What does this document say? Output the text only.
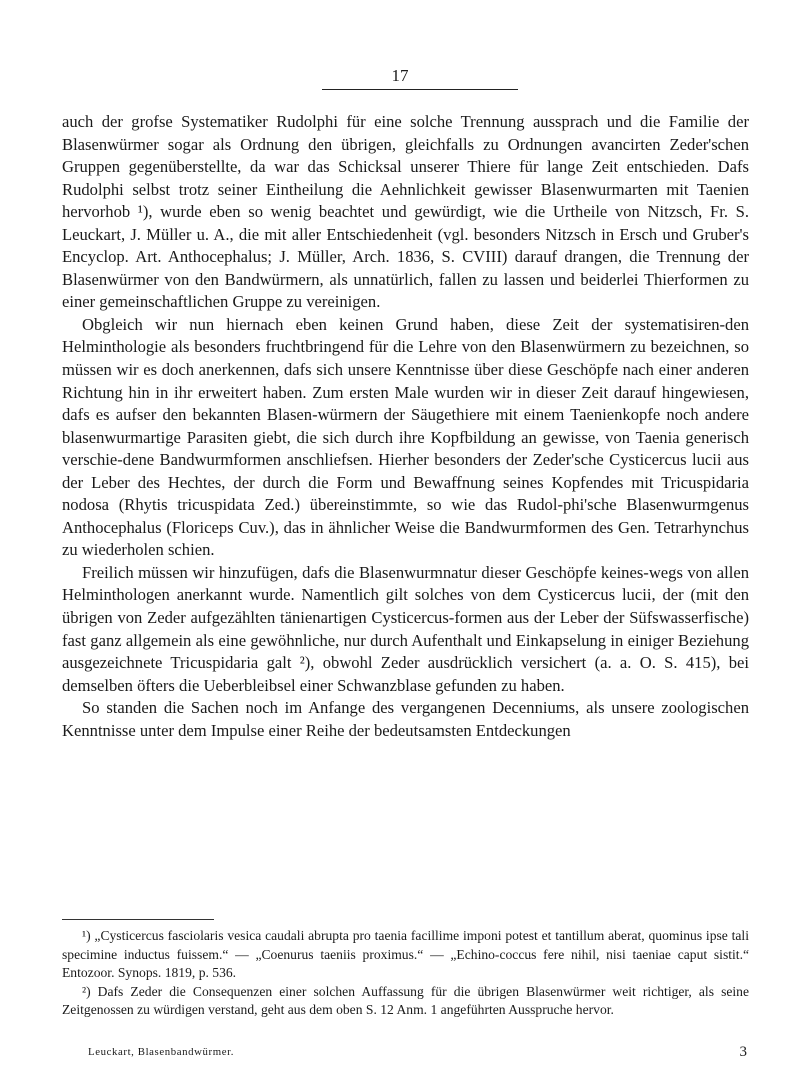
17

auch der grofse Systematiker Rudolphi für eine solche Trennung aussprach und die Familie der Blasenwürmer sogar als Ordnung den übrigen, gleichfalls zu Ordnungen avancirten Zeder'schen Gruppen gegenüberstellte, da war das Schicksal unserer Thiere für lange Zeit entschieden. Dafs Rudolphi selbst trotz seiner Eintheilung die Aehnlichkeit gewisser Blasenwurmarten mit Taenien hervorhob ¹), wurde eben so wenig beachtet und gewürdigt, wie die Urtheile von Nitzsch, Fr. S. Leuckart, J. Müller u. A., die mit aller Entschiedenheit (vgl. besonders Nitzsch in Ersch und Gruber's Encyclop. Art. Anthocephalus; J. Müller, Arch. 1836, S. CVIII) darauf drangen, die Trennung der Blasenwürmer von den Bandwürmern, als unnatürlich, fallen zu lassen und beiderlei Thierformen zu einer gemeinschaftlichen Gruppe zu vereinigen.

Obgleich wir nun hiernach eben keinen Grund haben, diese Zeit der systematisiren-den Helminthologie als besonders fruchtbringend für die Lehre von den Blasenwürmern zu bezeichnen, so müssen wir es doch anerkennen, dafs sich unsere Kenntnisse über diese Geschöpfe nach einer anderen Richtung hin in ihr erweitert haben. Zum ersten Male wurden wir in dieser Zeit darauf hingewiesen, dafs es aufser den bekannten Blasen-würmern der Säugethiere mit einem Taenienkopfe noch andere blasenwurmartige Parasiten giebt, die sich durch ihre Kopfbildung an gewisse, von Taenia generisch verschie-dene Bandwurmformen anschliefsen. Hierher besonders der Zeder'sche Cysticercus lucii aus der Leber des Hechtes, der durch die Form und Bewaffnung seines Kopfendes mit Tricuspidaria nodosa (Rhytis tricuspidata Zed.) übereinstimmte, so wie das Rudol-phi'sche Blasenwurmgenus Anthocephalus (Floriceps Cuv.), das in ähnlicher Weise die Bandwurmformen des Gen. Tetrarhynchus zu wiederholen schien.

Freilich müssen wir hinzufügen, dafs die Blasenwurmnatur dieser Geschöpfe keines-wegs von allen Helminthologen anerkannt wurde. Namentlich gilt solches von dem Cysticercus lucii, der (mit den übrigen von Zeder aufgezählten tänienartigen Cysticercus-formen aus der Leber der Süfswasserfische) fast ganz allgemein als eine gewöhnliche, nur durch Aufenthalt und Einkapselung in einiger Beziehung ausgezeichnete Tricuspidaria galt ²), obwohl Zeder ausdrücklich versichert (a. a. O. S. 415), bei demselben öfters die Ueberbleibsel einer Schwanzblase gefunden zu haben.

So standen die Sachen noch im Anfange des vergangenen Decenniums, als unsere zoologischen Kenntnisse unter dem Impulse einer Reihe der bedeutsamsten Entdeckungen

¹) „Cysticercus fasciolaris vesica caudali abrupta pro taenia facillime imponi potest et tantillum aberat, quominus ipse tali specimine inductus fuissem.“ — „Coenurus taeniis proximus.“ — „Echino-coccus fere nihil, nisi taeniae caput sistit.“ Entozoor. Synops. 1819, p. 536.

²) Dafs Zeder die Consequenzen einer solchen Auffassung für die übrigen Blasenwürmer weit richtiger, als seine Zeitgenossen zu würdigen verstand, geht aus dem oben S. 12 Anm. 1 angeführten Ausspruche hervor.

Leuckart, Blasenbandwürmer.	3
